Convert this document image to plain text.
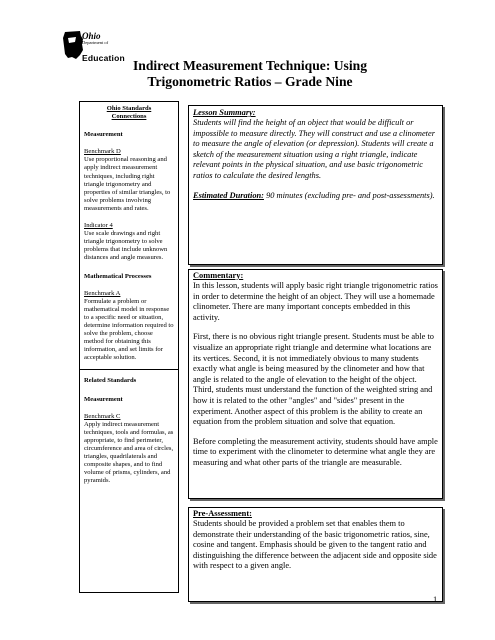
Ohio
Department of
Education Indirect Measurement Technique: Using
Trigonometric Ratios – Grade Nine
Ohio Standards
Connections
Measurement
Benchmark D
Use proportional reasoning and apply indirect measurement techniques, including right triangle trigonometry and properties of similar triangles, to solve problems involving measurements and rates.
Indicator 4
Use scale drawings and right triangle trigonometry to solve problems that include unknown distances and angle measures.
Mathematical Processes
Benchmark A
Formulate a problem or mathematical model in response to a specific need or situation, determine information required to solve the problem, choose method for obtaining this information, and set limits for acceptable solution.
Related Standards
Measurement
Benchmark C
Apply indirect measurement techniques, tools and formulas, as appropriate, to find perimeter, circumference and area of circles, triangles, quadrilaterals and composite shapes, and to find volume of prisms, cylinders, and pyramids.
Lesson Summary:
Students will find the height of an object that would be difficult or impossible to measure directly. They will construct and use a clinometer to measure the angle of elevation (or depression). Students will create a sketch of the measurement situation using a right triangle, indicate relevant points in the physical situation, and use basic trigonometric ratios to calculate the desired lengths.
Estimated Duration: 90 minutes (excluding pre- and post-assessments).
Commentary:
In this lesson, students will apply basic right triangle trigonometric ratios in order to determine the height of an object. They will use a homemade clinometer. There are many important concepts embedded in this activity.
First, there is no obvious right triangle present. Students must be able to visualize an appropriate right triangle and determine what locations are its vertices. Second, it is not immediately obvious to many students exactly what angle is being measured by the clinometer and how that angle is related to the angle of elevation to the height of the object. Third, students must understand the function of the weighted string and how it is related to the other "angles" and "sides" present in the experiment. Another aspect of this problem is the ability to create an equation from the problem situation and solve that equation.
Before completing the measurement activity, students should have ample time to experiment with the clinometer to determine what angle they are measuring and what other parts of the triangle are measurable.
Pre-Assessment:
Students should be provided a problem set that enables them to demonstrate their understanding of the basic trigonometric ratios, sine, cosine and tangent. Emphasis should be given to the tangent ratio and distinguishing the difference between the adjacent side and opposite side with respect to a given angle.
1
